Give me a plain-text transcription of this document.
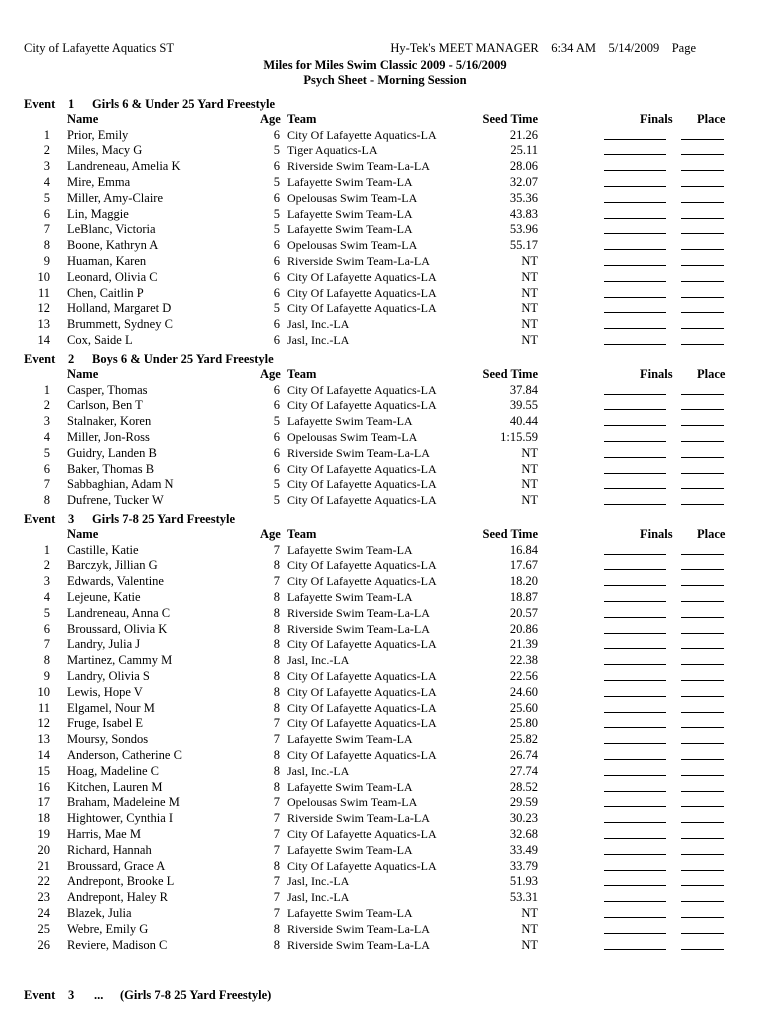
City of Lafayette Aquatics ST	Hy-Tek's MEET MANAGER    6:34 AM    5/14/2009    Page
Miles for Miles Swim Classic 2009 - 5/16/2009
Psych Sheet - Morning Session
Event 1 Girls 6 & Under 25 Yard Freestyle
Name	Age Team	Seed Time	Finals Place
1 Prior, Emily	6 City Of Lafayette Aquatics-LA	21.26
2 Miles, Macy G	5 Tiger Aquatics-LA	25.11
3 Landreneau, Amelia K	6 Riverside Swim Team-La-LA	28.06
4 Mire, Emma	5 Lafayette Swim Team-LA	32.07
5 Miller, Amy-Claire	6 Opelousas Swim Team-LA	35.36
6 Lin, Maggie	5 Lafayette Swim Team-LA	43.83
7 LeBlanc, Victoria	5 Lafayette Swim Team-LA	53.96
8 Boone, Kathryn A	6 Opelousas Swim Team-LA	55.17
9 Huaman, Karen	6 Riverside Swim Team-La-LA	NT
10 Leonard, Olivia C	6 City Of Lafayette Aquatics-LA	NT
11 Chen, Caitlin P	6 City Of Lafayette Aquatics-LA	NT
12 Holland, Margaret D	5 City Of Lafayette Aquatics-LA	NT
13 Brummett, Sydney C	6 Jasl, Inc.-LA	NT
14 Cox, Saide L	6 Jasl, Inc.-LA	NT
Event 2 Boys 6 & Under 25 Yard Freestyle
Name	Age Team	Seed Time	Finals Place
1 Casper, Thomas	6 City Of Lafayette Aquatics-LA	37.84
2 Carlson, Ben T	6 City Of Lafayette Aquatics-LA	39.55
3 Stalnaker, Koren	5 Lafayette Swim Team-LA	40.44
4 Miller, Jon-Ross	6 Opelousas Swim Team-LA	1:15.59
5 Guidry, Landen B	6 Riverside Swim Team-La-LA	NT
6 Baker, Thomas B	6 City Of Lafayette Aquatics-LA	NT
7 Sabbaghian, Adam N	5 City Of Lafayette Aquatics-LA	NT
8 Dufrene, Tucker W	5 City Of Lafayette Aquatics-LA	NT
Event 3 Girls 7-8 25 Yard Freestyle
Name	Age Team	Seed Time	Finals Place
1 Castille, Katie	7 Lafayette Swim Team-LA	16.84
2 Barczyk, Jillian G	8 City Of Lafayette Aquatics-LA	17.67
3 Edwards, Valentine	7 City Of Lafayette Aquatics-LA	18.20
4 Lejeune, Katie	8 Lafayette Swim Team-LA	18.87
5 Landreneau, Anna C	8 Riverside Swim Team-La-LA	20.57
6 Broussard, Olivia K	8 Riverside Swim Team-La-LA	20.86
7 Landry, Julia J	8 City Of Lafayette Aquatics-LA	21.39
8 Martinez, Cammy M	8 Jasl, Inc.-LA	22.38
9 Landry, Olivia S	8 City Of Lafayette Aquatics-LA	22.56
10 Lewis, Hope V	8 City Of Lafayette Aquatics-LA	24.60
11 Elgamel, Nour M	8 City Of Lafayette Aquatics-LA	25.60
12 Fruge, Isabel E	7 City Of Lafayette Aquatics-LA	25.80
13 Moursy, Sondos	7 Lafayette Swim Team-LA	25.82
14 Anderson, Catherine C	8 City Of Lafayette Aquatics-LA	26.74
15 Hoag, Madeline C	8 Jasl, Inc.-LA	27.74
16 Kitchen, Lauren M	8 Lafayette Swim Team-LA	28.52
17 Braham, Madeleine M	7 Opelousas Swim Team-LA	29.59
18 Hightower, Cynthia I	7 Riverside Swim Team-La-LA	30.23
19 Harris, Mae M	7 City Of Lafayette Aquatics-LA	32.68
20 Richard, Hannah	7 Lafayette Swim Team-LA	33.49
21 Broussard, Grace A	8 City Of Lafayette Aquatics-LA	33.79
22 Andrepont, Brooke L	7 Jasl, Inc.-LA	51.93
23 Andrepont, Haley R	7 Jasl, Inc.-LA	53.31
24 Blazek, Julia	7 Lafayette Swim Team-LA	NT
25 Webre, Emily G	8 Riverside Swim Team-La-LA	NT
26 Reviere, Madison C	8 Riverside Swim Team-La-LA	NT
Event 3 ... (Girls 7-8 25 Yard Freestyle)
